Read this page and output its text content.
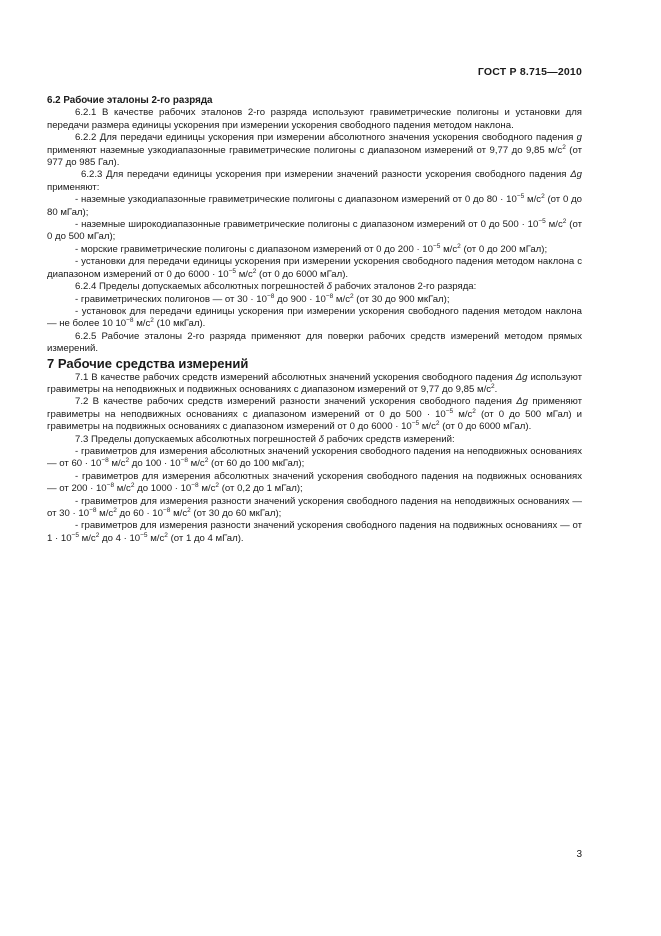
ГОСТ Р 8.715—2010

6.2 Рабочие эталоны 2-го разряда

6.2.1 В качестве рабочих эталонов 2-го разряда используют гравиметрические полигоны и установки для передачи размера единицы ускорения при измерении ускорения свободного падения методом наклона.

6.2.2 Для передачи единицы ускорения при измерении абсолютного значения ускорения свободного падения g применяют наземные узкодиапазонные гравиметрические полигоны с диапазоном измерений от 9,77 до 9,85 $м/с^2$ (от 977 до 985 Гал).

6.2.3 Для передачи единицы ускорения при измерении значений разности ускорения свободного падения Δg применяют:

- наземные узкодиапазонные гравиметрические полигоны с диапазоном измерений от 0 до $80 \cdot 10^{-5}$ $м/с^2$ (от 0 до 80 мГал);

- наземные широкодиапазонные гравиметрические полигоны с диапазоном измерений от 0 до $500 \cdot 10^{-5}$ $м/с^2$ (от 0 до 500 мГал);

- морские гравиметрические полигоны с диапазоном измерений от 0 до $200 \cdot 10^{-5}$ $м/с^2$ (от 0 до 200 мГал);

- установки для передачи единицы ускорения при измерении ускорения свободного падения методом наклона с диапазоном измерений от 0 до $6000 \cdot 10^{-5}$ $м/с^2$ (от 0 до 6000 мГал).

6.2.4 Пределы допускаемых абсолютных погрешностей δ рабочих эталонов 2-го разряда:

- гравиметрических полигонов — от $30 \cdot 10^{-8}$ до $900 \cdot 10^{-8}$ $м/с^2$ (от 30 до 900 мкГал);

- установок для передачи единицы ускорения при измерении ускорения свободного падения методом наклона — не более 10 $10^{-8}$ $м/с^2$ (10 мкГал).

6.2.5 Рабочие эталоны 2-го разряда применяют для поверки рабочих средств измерений методом прямых измерений.

7 Рабочие средства измерений

7.1 В качестве рабочих средств измерений абсолютных значений ускорения свободного падения Δg используют гравиметры на неподвижных и подвижных основаниях с диапазоном измерений от 9,77 до 9,85 $м/с^2$.

7.2 В качестве рабочих средств измерений разности значений ускорения свободного падения Δg применяют гравиметры на неподвижных основаниях с диапазоном измерений от 0 до $500 \cdot 10^{-5}$ $м/с^2$ (от 0 до 500 мГал) и гравиметры на подвижных основаниях с диапазоном измерений от 0 до $6000 \cdot 10^{-5}$ $м/с^2$ (от 0 до 6000 мГал).

7.3 Пределы допускаемых абсолютных погрешностей δ рабочих средств измерений:

- гравиметров для измерения абсолютных значений ускорения свободного падения на неподвижных основаниях — от $60 \cdot 10^{-8}$ $м/с^2$ до $100 \cdot 10^{-8}$ $м/с^2$ (от 60 до 100 мкГал);

- гравиметров для измерения абсолютных значений ускорения свободного падения на подвижных основаниях — от $200 \cdot 10^{-8}$ $м/с^2$ до $1000 \cdot 10^{-8}$ $м/с^2$ (от 0,2 до 1 мГал);

- гравиметров для измерения разности значений ускорения свободного падения на неподвижных основаниях — от $30 \cdot 10^{-8}$ $м/с^2$ до $60 \cdot 10^{-8}$ $м/с^2$ (от 30 до 60 мкГал);

- гравиметров для измерения разности значений ускорения свободного падения на подвижных основаниях — от $1 \cdot 10^{-5}$ $м/с^2$ до $4 \cdot 10^{-5}$ $м/с^2$ (от 1 до 4 мГал).

3
